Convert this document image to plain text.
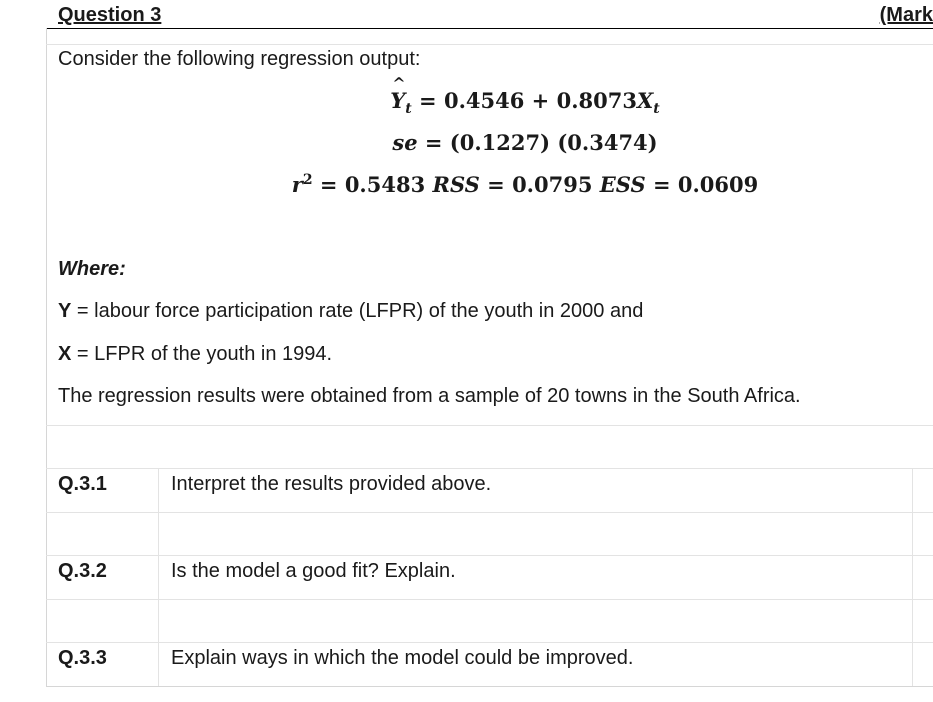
Question 3	(Mark
Consider the following regression output:
^ $Y_t = 0.4546 + 0.8073X_t$
se = (0.1227) (0.3474)
$r^2 = 0.5483$ RSS = 0.0795 ESS = 0.0609
Where:
Y = labour force participation rate (LFPR) of the youth in 2000 and
X = LFPR of the youth in 1994.
The regression results were obtained from a sample of 20 towns in the South Africa.
Q.3.1	Interpret the results provided above.
Q.3.2	Is the model a good fit? Explain.
Q.3.3	Explain ways in which the model could be improved.
